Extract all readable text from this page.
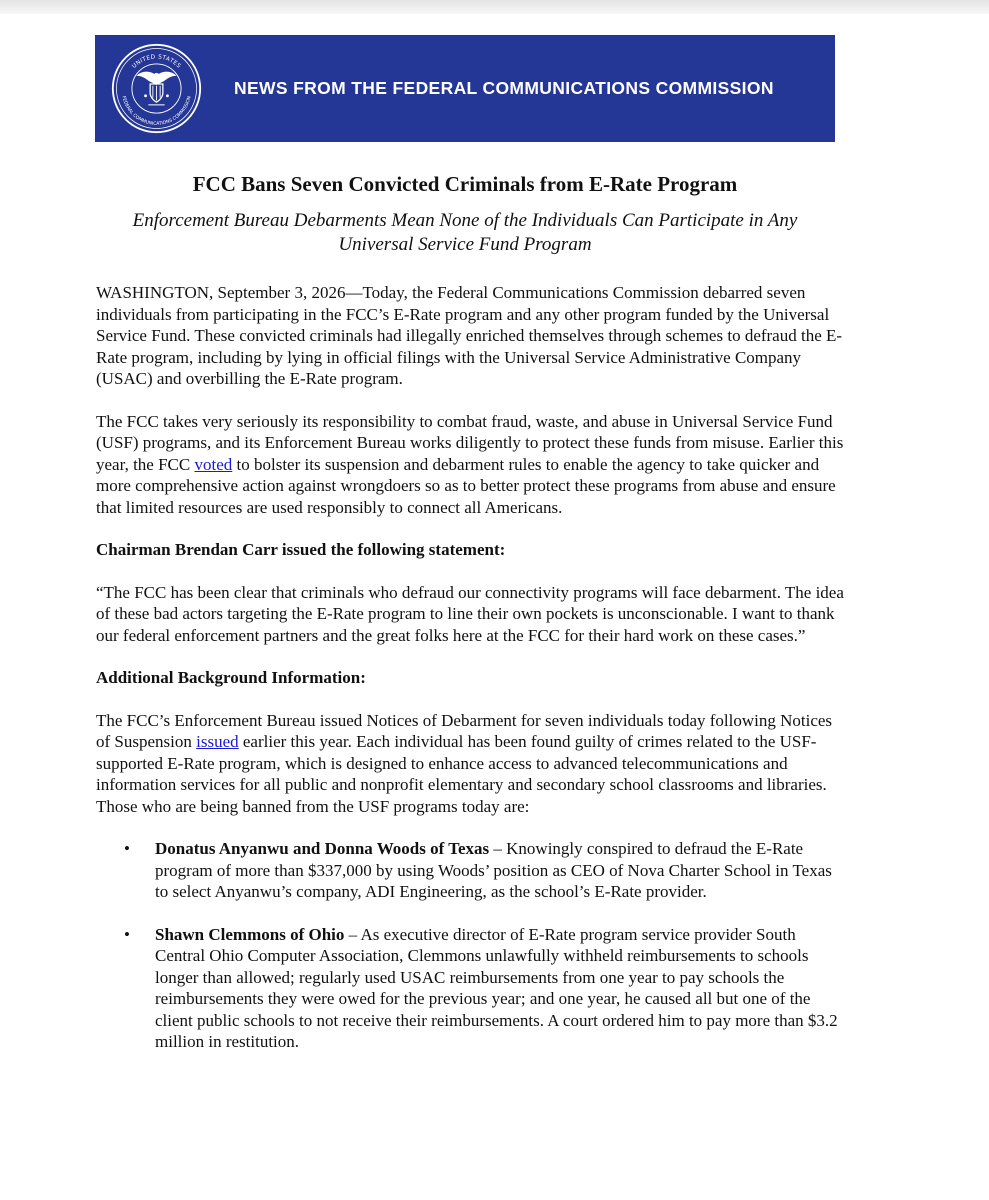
UNITED STATES
FEDERAL COMMUNICATIONS COMMISSION NEWS FROM THE FEDERAL COMMUNICATIONS COMMISSION
FCC Bans Seven Convicted Criminals from E-Rate Program
Enforcement Bureau Debarments Mean None of the Individuals Can Participate in Any Universal Service Fund Program

WASHINGTON, September 3, 2026—Today, the Federal Communications Commission debarred seven individuals from participating in the FCC’s E-Rate program and any other program funded by the Universal Service Fund. These convicted criminals had illegally enriched themselves through schemes to defraud the E-Rate program, including by lying in official filings with the Universal Service Administrative Company (USAC) and overbilling the E-Rate program.

The FCC takes very seriously its responsibility to combat fraud, waste, and abuse in Universal Service Fund (USF) programs, and its Enforcement Bureau works diligently to protect these funds from misuse. Earlier this year, the FCC voted to bolster its suspension and debarment rules to enable the agency to take quicker and more comprehensive action against wrongdoers so as to better protect these programs from abuse and ensure that limited resources are used responsibly to connect all Americans.

Chairman Brendan Carr issued the following statement:

“The FCC has been clear that criminals who defraud our connectivity programs will face debarment. The idea of these bad actors targeting the E-Rate program to line their own pockets is unconscionable. I want to thank our federal enforcement partners and the great folks here at the FCC for their hard work on these cases.”

Additional Background Information:

The FCC’s Enforcement Bureau issued Notices of Debarment for seven individuals today following Notices of Suspension issued earlier this year. Each individual has been found guilty of crimes related to the USF-supported E-Rate program, which is designed to enhance access to advanced telecommunications and information services for all public and nonprofit elementary and secondary school classrooms and libraries. Those who are being banned from the USF programs today are:

• Donatus Anyanwu and Donna Woods of Texas – Knowingly conspired to defraud the E-Rate program of more than $337,000 by using Woods’ position as CEO of Nova Charter School in Texas to select Anyanwu’s company, ADI Engineering, as the school’s E-Rate provider.
• Shawn Clemmons of Ohio – As executive director of E-Rate program service provider South Central Ohio Computer Association, Clemmons unlawfully withheld reimbursements to schools longer than allowed; regularly used USAC reimbursements from one year to pay schools the reimbursements they were owed for the previous year; and one year, he caused all but one of the client public schools to not receive their reimbursements. A court ordered him to pay more than $3.2 million in restitution.
